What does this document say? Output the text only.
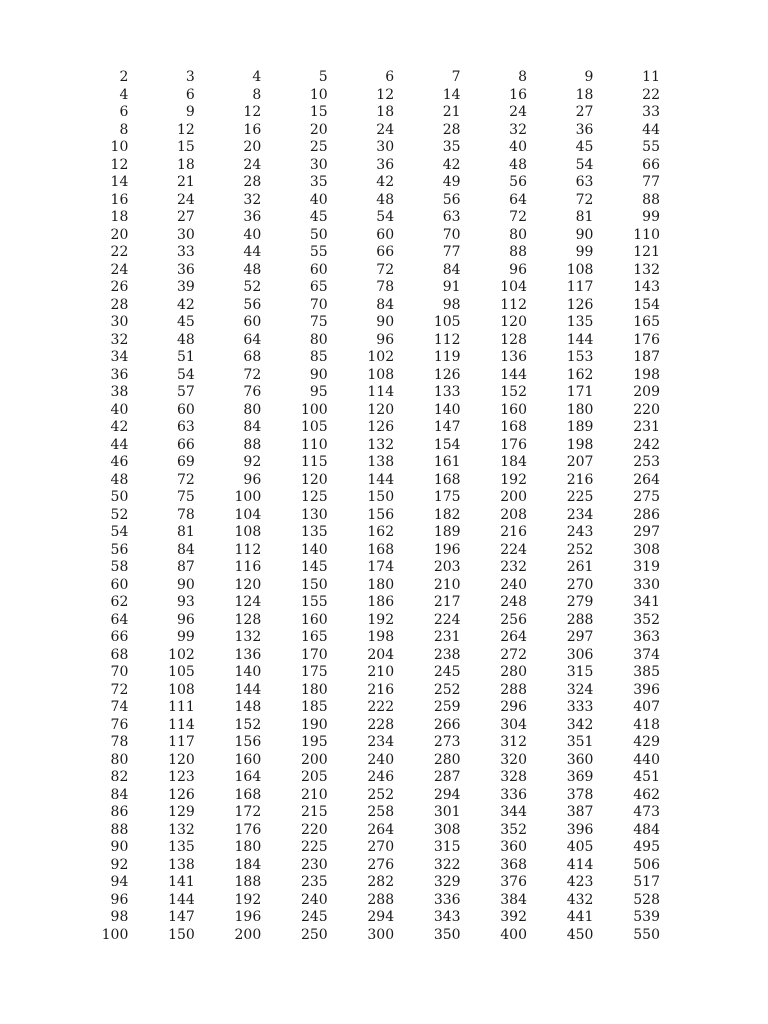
2	3	4	5	6	7	8	9	11
4	6	8	10	12	14	16	18	22
6	9	12	15	18	21	24	27	33
8	12	16	20	24	28	32	36	44
10	15	20	25	30	35	40	45	55
12	18	24	30	36	42	48	54	66
14	21	28	35	42	49	56	63	77
16	24	32	40	48	56	64	72	88
18	27	36	45	54	63	72	81	99
20	30	40	50	60	70	80	90	110
22	33	44	55	66	77	88	99	121
24	36	48	60	72	84	96	108	132
26	39	52	65	78	91	104	117	143
28	42	56	70	84	98	112	126	154
30	45	60	75	90	105	120	135	165
32	48	64	80	96	112	128	144	176
34	51	68	85	102	119	136	153	187
36	54	72	90	108	126	144	162	198
38	57	76	95	114	133	152	171	209
40	60	80	100	120	140	160	180	220
42	63	84	105	126	147	168	189	231
44	66	88	110	132	154	176	198	242
46	69	92	115	138	161	184	207	253
48	72	96	120	144	168	192	216	264
50	75	100	125	150	175	200	225	275
52	78	104	130	156	182	208	234	286
54	81	108	135	162	189	216	243	297
56	84	112	140	168	196	224	252	308
58	87	116	145	174	203	232	261	319
60	90	120	150	180	210	240	270	330
62	93	124	155	186	217	248	279	341
64	96	128	160	192	224	256	288	352
66	99	132	165	198	231	264	297	363
68	102	136	170	204	238	272	306	374
70	105	140	175	210	245	280	315	385
72	108	144	180	216	252	288	324	396
74	111	148	185	222	259	296	333	407
76	114	152	190	228	266	304	342	418
78	117	156	195	234	273	312	351	429
80	120	160	200	240	280	320	360	440
82	123	164	205	246	287	328	369	451
84	126	168	210	252	294	336	378	462
86	129	172	215	258	301	344	387	473
88	132	176	220	264	308	352	396	484
90	135	180	225	270	315	360	405	495
92	138	184	230	276	322	368	414	506
94	141	188	235	282	329	376	423	517
96	144	192	240	288	336	384	432	528
98	147	196	245	294	343	392	441	539
100	150	200	250	300	350	400	450	550
